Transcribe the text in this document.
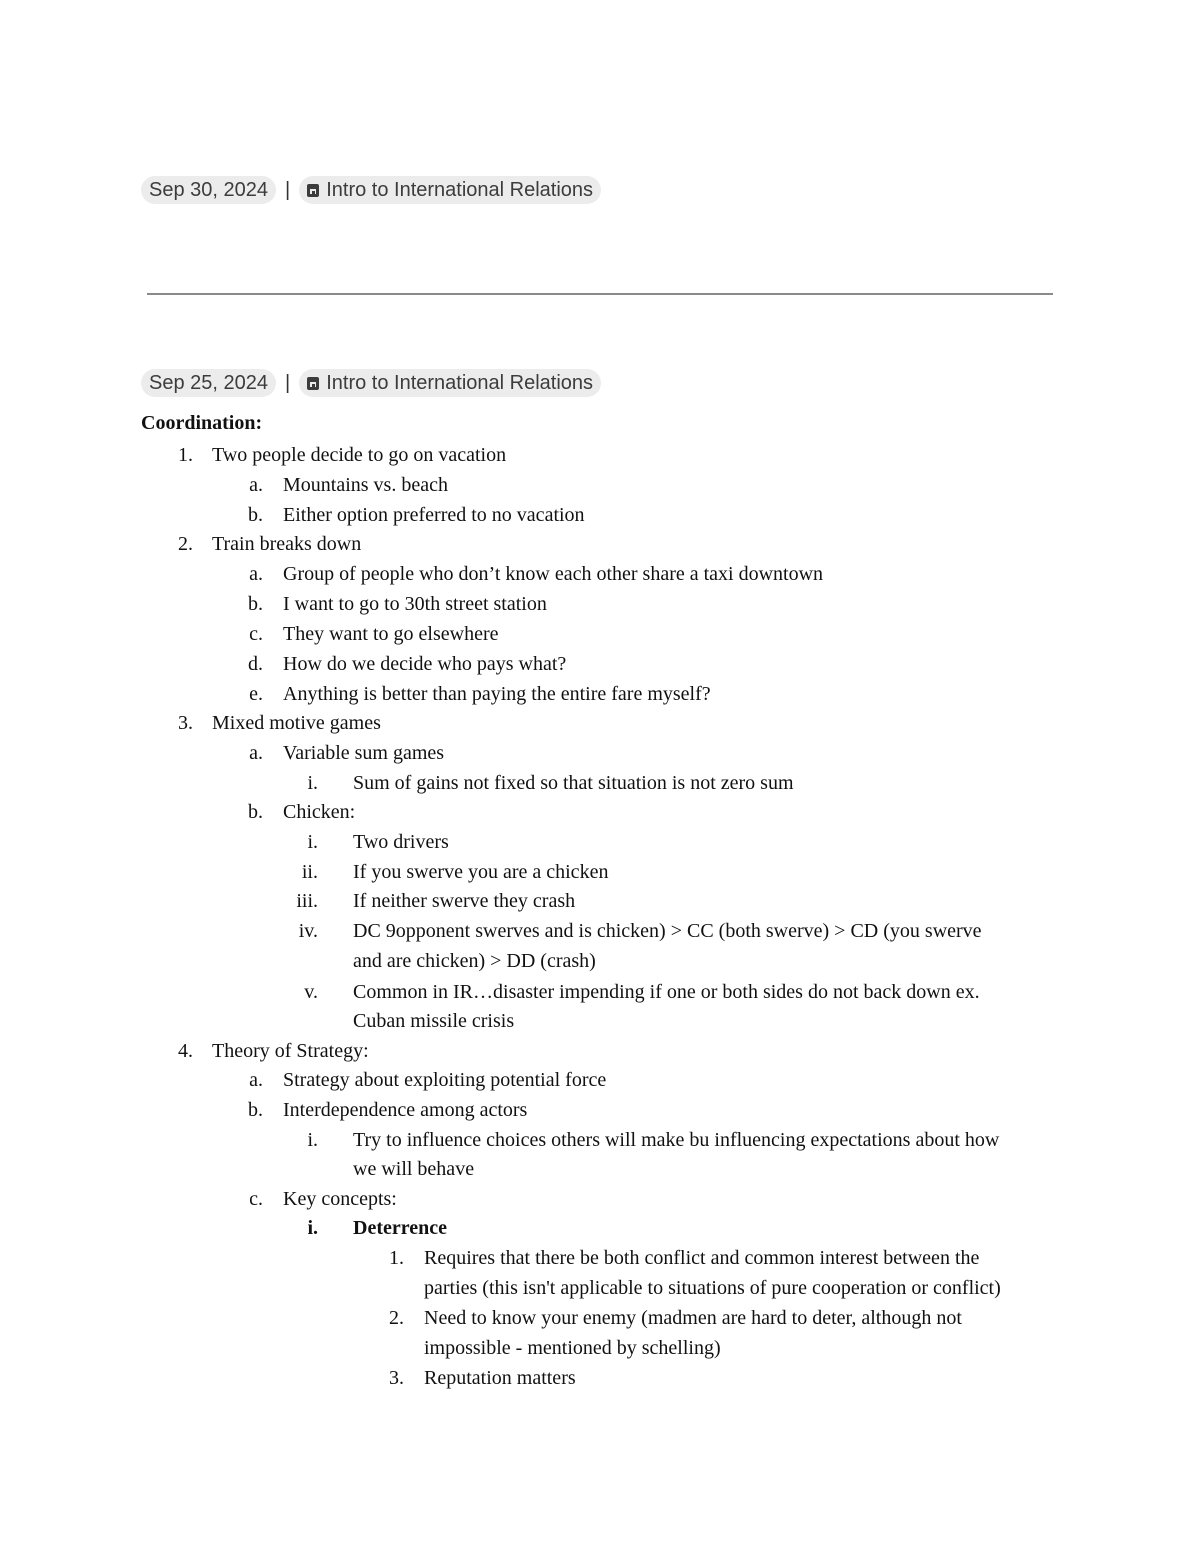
Sep 30, 2024 | Intro to International Relations
Sep 25, 2024 | Intro to International Relations
Coordination:
1. Two people decide to go on vacation
a. Mountains vs. beach
b. Either option preferred to no vacation
2. Train breaks down
a. Group of people who don’t know each other share a taxi downtown
b. I want to go to 30th street station
c. They want to go elsewhere
d. How do we decide who pays what?
e. Anything is better than paying the entire fare myself?
3. Mixed motive games
a. Variable sum games
i. Sum of gains not fixed so that situation is not zero sum
b. Chicken:
i. Two drivers
ii. If you swerve you are a chicken
iii. If neither swerve they crash
iv. DC 9opponent swerves and is chicken) > CC (both swerve) > CD (you swerve
and are chicken) > DD (crash)
v. Common in IR…disaster impending if one or both sides do not back down ex.
Cuban missile crisis
4. Theory of Strategy:
a. Strategy about exploiting potential force
b. Interdependence among actors
i. Try to influence choices others will make bu influencing expectations about how
we will behave
c. Key concepts:
i. Deterrence
1. Requires that there be both conflict and common interest between the
parties (this isn't applicable to situations of pure cooperation or conflict)
2. Need to know your enemy (madmen are hard to deter, although not
impossible - mentioned by schelling)
3. Reputation matters
